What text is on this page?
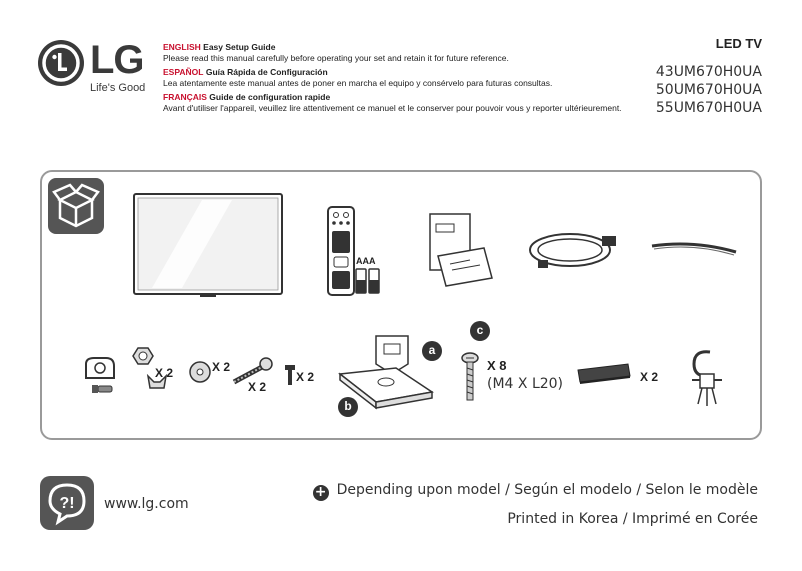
LG
Life's Good

ENGLISH Easy Setup Guide
Please read this manual carefully before operating your set and retain it for future reference.

ESPAÑOL Guía Rápida de Configuración
Lea atentamente este manual antes de poner en marcha el equipo y consérvelo para futuras consultas.

FRANÇAIS Guide de configuration rapide
Avant d'utiliser l'appareil, veuillez lire attentivement ce manuel et le conserver pour pouvoir vous y reporter ultérieurement.

LED TV
43UM670H0UA
50UM670H0UA
55UM670H0UA
AAA
X 2	X 2
X 2
X 2
a
b
c
X 8
(M4 X L20)	X 2
?! www.lg.com
+ Depending upon model / Según el modelo / Selon le modèle
Printed in Korea / Imprimé en Corée
